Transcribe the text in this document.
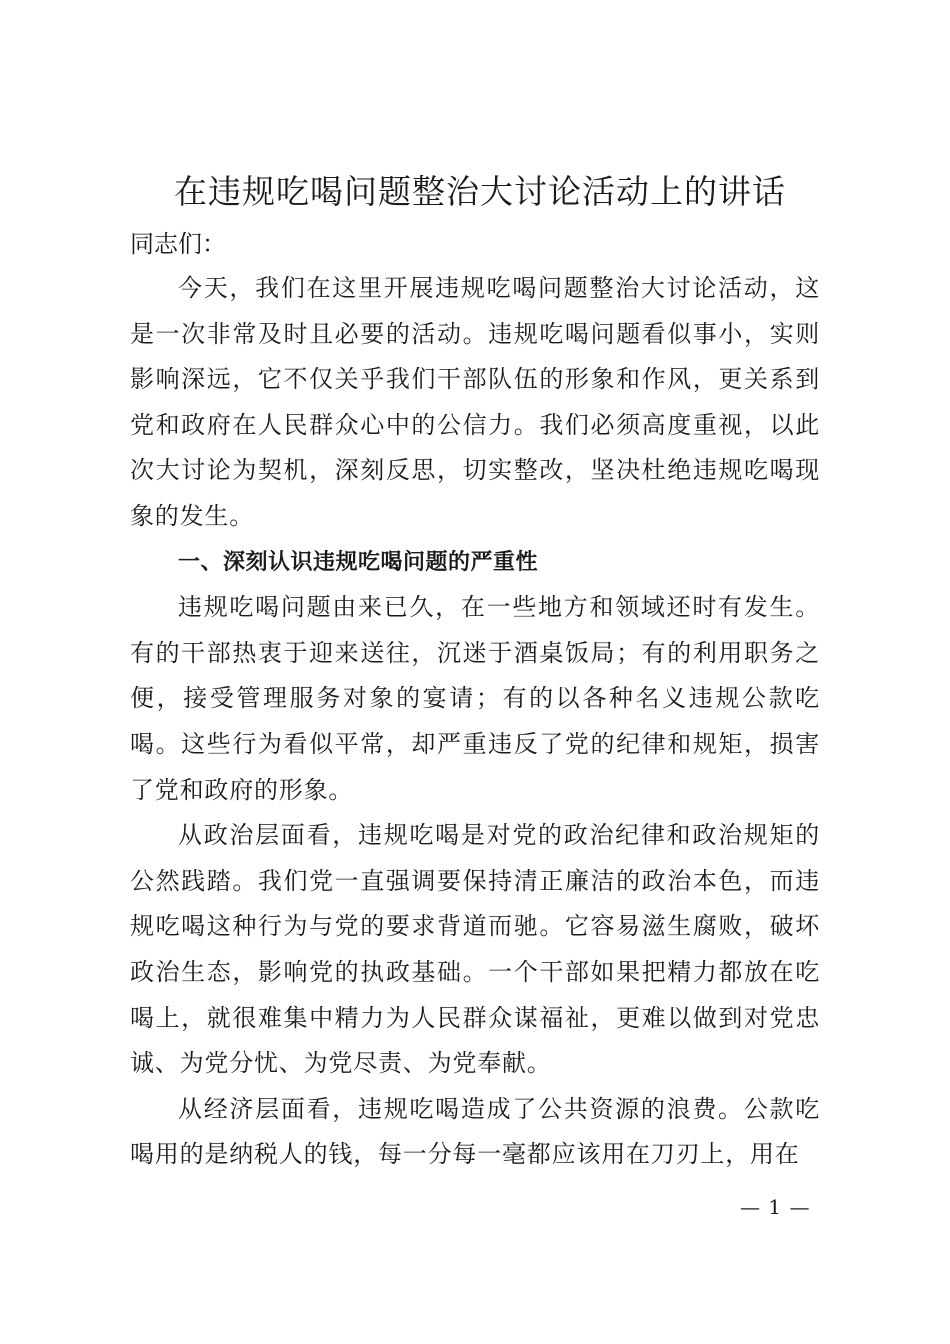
在违规吃喝问题整治大讨论活动上的讲话

同志们：

今天，我们在这里开展违规吃喝问题整治大讨论活动，这是一次非常及时且必要的活动。违规吃喝问题看似事小，实则影响深远，它不仅关乎我们干部队伍的形象和作风，更关系到党和政府在人民群众心中的公信力。我们必须高度重视，以此次大讨论为契机，深刻反思，切实整改，坚决杜绝违规吃喝现象的发生。

一、深刻认识违规吃喝问题的严重性

违规吃喝问题由来已久，在一些地方和领域还时有发生。有的干部热衷于迎来送往，沉迷于酒桌饭局；有的利用职务之便，接受管理服务对象的宴请；有的以各种名义违规公款吃喝。这些行为看似平常，却严重违反了党的纪律和规矩，损害了党和政府的形象。

从政治层面看，违规吃喝是对党的政治纪律和政治规矩的公然践踏。我们党一直强调要保持清正廉洁的政治本色，而违规吃喝这种行为与党的要求背道而驰。它容易滋生腐败，破坏政治生态，影响党的执政基础。一个干部如果把精力都放在吃喝上，就很难集中精力为人民群众谋福祉，更难以做到对党忠诚、为党分忧、为党尽责、为党奉献。

从经济层面看，违规吃喝造成了公共资源的浪费。公款吃喝用的是纳税人的钱，每一分每一毫都应该用在刀刃上，用在

— 1 —
